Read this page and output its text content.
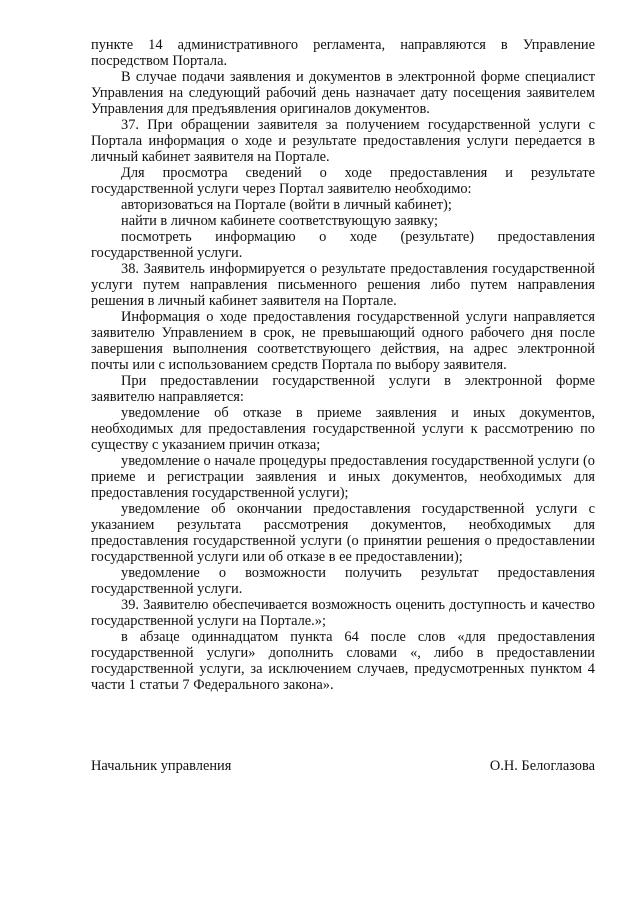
пункте 14 административного регламента, направляются в Управление посредством Портала.

В случае подачи заявления и документов в электронной форме специалист Управления на следующий рабочий день назначает дату посещения заявителем Управления для предъявления оригиналов документов.

37. При обращении заявителя за получением государственной услуги с Портала информация о ходе и результате предоставления услуги передается в личный кабинет заявителя на Портале.

Для просмотра сведений о ходе предоставления и результате государственной услуги через Портал заявителю необходимо:

авторизоваться на Портале (войти в личный кабинет);

найти в личном кабинете соответствующую заявку;

посмотреть информацию о ходе (результате) предоставления государственной услуги.

38. Заявитель информируется о результате предоставления государственной услуги путем направления письменного решения либо путем направления решения в личный кабинет заявителя на Портале.

Информация о ходе предоставления государственной услуги направляется заявителю Управлением в срок, не превышающий одного рабочего дня после завершения выполнения соответствующего действия, на адрес электронной почты или с использованием средств Портала по выбору заявителя.

При предоставлении государственной услуги в электронной форме заявителю направляется:

уведомление об отказе в приеме заявления и иных документов, необходимых для предоставления государственной услуги к рассмотрению по существу с указанием причин отказа;

уведомление о начале процедуры предоставления государственной услуги (о приеме и регистрации заявления и иных документов, необходимых для предоставления государственной услуги);

уведомление об окончании предоставления государственной услуги с указанием результата рассмотрения документов, необходимых для предоставления государственной услуги (о принятии решения о предоставлении государственной услуги или об отказе в ее предоставлении);

уведомление о возможности получить результат предоставления государственной услуги.

39. Заявителю обеспечивается возможность оценить доступность и качество государственной услуги на Портале.»;

в абзаце одиннадцатом пункта 64 после слов «для предоставления государственной услуги» дополнить словами «, либо в предоставлении государственной услуги, за исключением случаев, предусмотренных пунктом 4 части 1 статьи 7 Федерального закона».

Начальник управления	О.Н. Белоглазова
